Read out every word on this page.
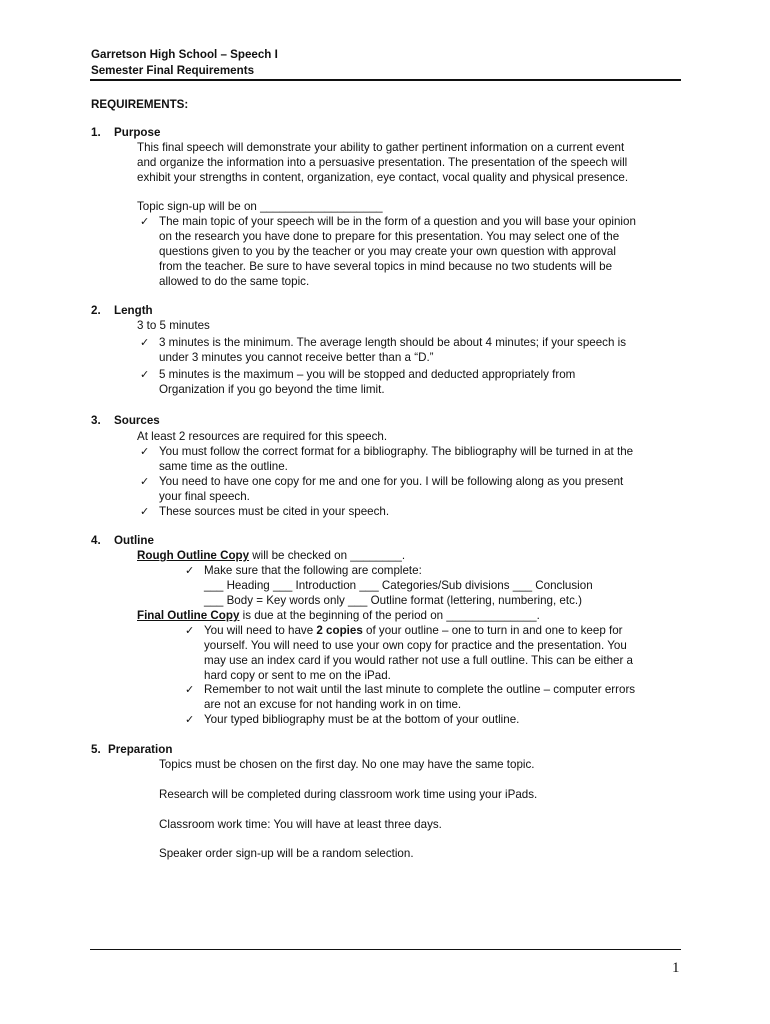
Garretson High School – Speech I
Semester Final Requirements
REQUIREMENTS:
1. Purpose
This final speech will demonstrate your ability to gather pertinent information on a current event
and organize the information into a persuasive presentation. The presentation of the speech will
exhibit your strengths in content, organization, eye contact, vocal quality and physical presence.
Topic sign-up will be on ___________________
✓ The main topic of your speech will be in the form of a question and you will base your opinion
on the research you have done to prepare for this presentation. You may select one of the
questions given to you by the teacher or you may create your own question with approval
from the teacher. Be sure to have several topics in mind because no two students will be
allowed to do the same topic.
2. Length
3 to 5 minutes
✓ 3 minutes is the minimum. The average length should be about 4 minutes; if your speech is
under 3 minutes you cannot receive better than a “D.”
✓ 5 minutes is the maximum – you will be stopped and deducted appropriately from
Organization if you go beyond the time limit.
3. Sources
At least 2 resources are required for this speech.
✓ You must follow the correct format for a bibliography. The bibliography will be turned in at the
same time as the outline.
✓ You need to have one copy for me and one for you. I will be following along as you present
your final speech.
✓ These sources must be cited in your speech.
4. Outline
Rough Outline Copy will be checked on ________.
✓ Make sure that the following are complete:
___ Heading ___ Introduction ___ Categories/Sub divisions ___ Conclusion
___ Body = Key words only ___ Outline format (lettering, numbering, etc.)
Final Outline Copy is due at the beginning of the period on ______________.
✓ You will need to have 2 copies of your outline – one to turn in and one to keep for
yourself. You will need to use your own copy for practice and the presentation. You
may use an index card if you would rather not use a full outline. This can be either a
hard copy or sent to me on the iPad.
✓ Remember to not wait until the last minute to complete the outline – computer errors
are not an excuse for not handing work in on time.
✓ Your typed bibliography must be at the bottom of your outline.
5. Preparation
Topics must be chosen on the first day. No one may have the same topic.
Research will be completed during classroom work time using your iPads.
Classroom work time: You will have at least three days.
Speaker order sign-up will be a random selection.
1
